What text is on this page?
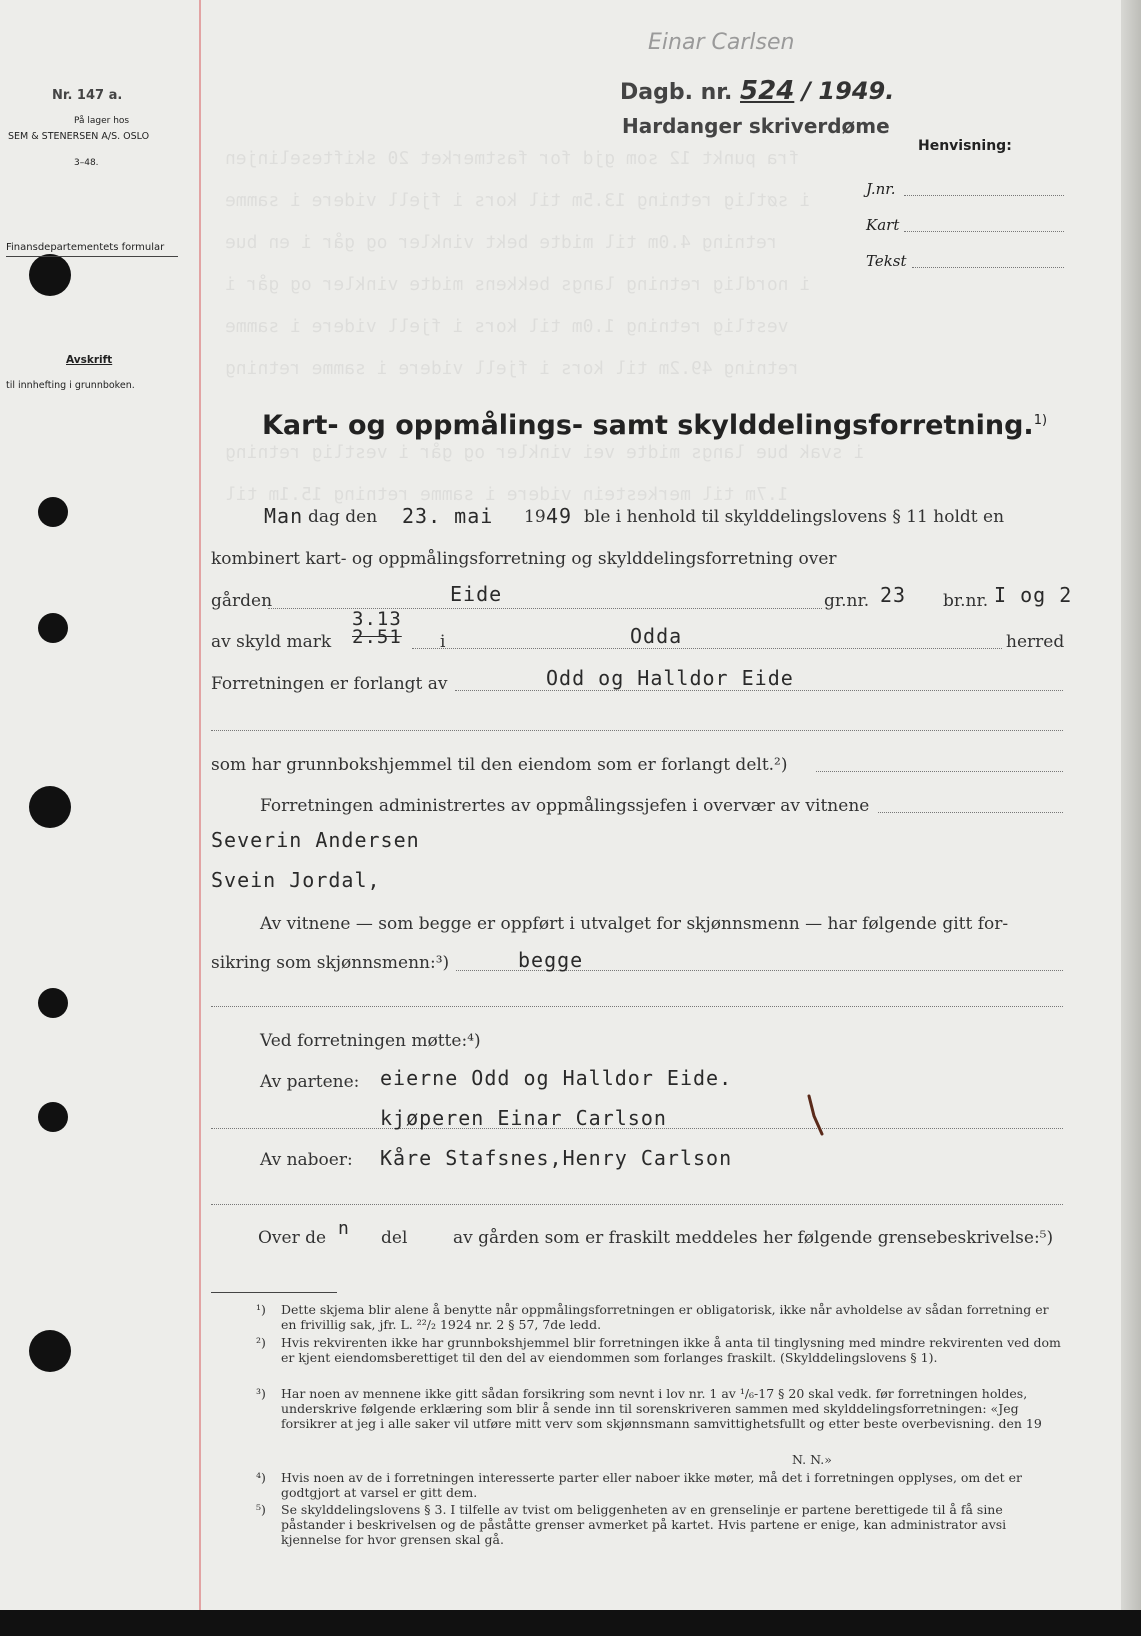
fra punkt 12 som gjd for fastmerket 20 skifteselinjen
i søtlig retning 13.5m til kors i fjell videre i samme
retning 4.0m til midte bekt vinkler og går i en bue
i nordlig retning langs bekkens midte vinkler og går i
vestlig retning 1.0m til kors i fjell videre i samme
retning 49.2m til kors i fjell videre i samme retning
i svak bue langs midte vei vinkler og går i vestlig retning
1.7m til merkestein videre i samme retning 15.1m til
Einar Carlsen
Nr. 147 a.
På lager hos
SEM & STENERSEN A/S. OSLO
3–48.
Finansdepartementets formular
Avskrift
til innhefting i grunnboken.
Dagb. nr. 524 / 1949.
Hardanger skriverdøme
Henvisning:
J.nr.
Kart
Tekst
Kart- og oppmålings- samt skylddelingsforretning.$^{1)}$
Man dag den 23. mai 19 49 ble i henhold til skylddelingslovens § 11 holdt en
kombinert kart- og oppmålingsforretning og skylddelingsforretning over
gården	Eide	gr.nr. 23 br.nr. I og 2
av skyld mark
3.13
2.51 i	Odda	herred
Forretningen er forlangt av	Odd og Halldor Eide
som har grunnbokshjemmel til den eiendom som er forlangt delt.²)
Forretningen administrertes av oppmålingssjefen i overvær av vitnene
Severin Andersen
Svein Jordal,
Av vitnene — som begge er oppført i utvalget for skjønnsmenn — har følgende gitt for-
sikring som skjønnsmenn:³)	begge
Ved forretningen møtte:⁴)
Av partene: eierne Odd og Halldor Eide.
kjøperen Einar Carlson
Av naboer: Kåre Stafsnes,Henry Carlson
Over de n del	av gården som er fraskilt meddeles her følgende grensebeskrivelse:⁵)
¹)	Dette skjema blir alene å benytte når oppmålingsforretningen er obligatorisk, ikke når avholdelse av sådan forretning er en frivillig sak, jfr. L. ²²/₂ 1924 nr. 2 § 57, 7de ledd.
²)	Hvis rekvirenten ikke har grunnbokshjemmel blir forretningen ikke å anta til tinglysning med mindre rekvirenten ved dom er kjent eiendomsberettiget til den del av eiendommen som forlanges fraskilt. (Skylddelingslovens § 1).
³)	Har noen av mennene ikke gitt sådan forsikring som nevnt i lov nr. 1 av ¹/₆-17 § 20 skal vedk. før forretningen holdes, underskrive følgende erklæring som blir å sende inn til sorenskriveren sammen med skylddelingsforretningen: «Jeg forsikrer at jeg i alle saker vil utføre mitt verv som skjønnsmann samvittighetsfullt og etter beste overbevisning. den 19
N. N.»
⁴)	Hvis noen av de i forretningen interesserte parter eller naboer ikke møter, må det i forretningen opplyses, om det er godtgjort at varsel er gitt dem.
⁵)	Se skylddelingslovens § 3. I tilfelle av tvist om beliggenheten av en grenselinje er partene berettigede til å få sine påstander i beskrivelsen og de påståtte grenser avmerket på kartet. Hvis partene er enige, kan administrator avsi kjennelse for hvor grensen skal gå.
